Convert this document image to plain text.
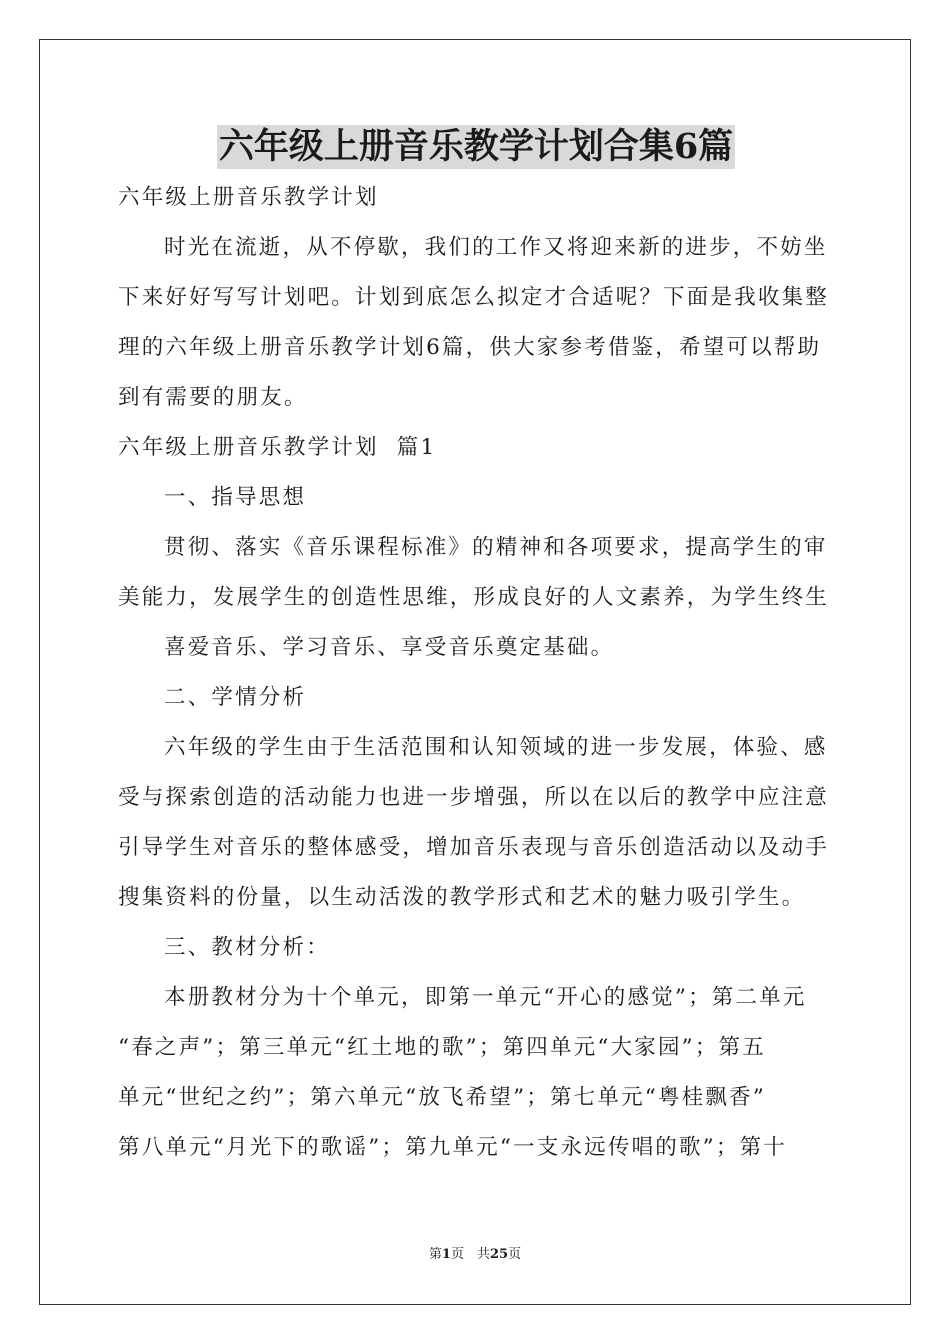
六年级上册音乐教学计划合集6篇

六年级上册音乐教学计划

时光在流逝，从不停歇，我们的工作又将迎来新的进步，不妨坐

下来好好写写计划吧。计划到底怎么拟定才合适呢？下面是我收集整

理的六年级上册音乐教学计划6篇，供大家参考借鉴，希望可以帮助

到有需要的朋友。

六年级上册音乐教学计划  篇1

一、指导思想

贯彻、落实《音乐课程标准》的精神和各项要求，提高学生的审

美能力，发展学生的创造性思维，形成良好的人文素养，为学生终生

喜爱音乐、学习音乐、享受音乐奠定基础。

二、学情分析

六年级的学生由于生活范围和认知领域的进一步发展，体验、感

受与探索创造的活动能力也进一步增强，所以在以后的教学中应注意

引导学生对音乐的整体感受，增加音乐表现与音乐创造活动以及动手

搜集资料的份量，以生动活泼的教学形式和艺术的魅力吸引学生。

三、教材分析：

本册教材分为十个单元，即第一单元“开心的感觉”；第二单元

“春之声”；第三单元“红土地的歌”；第四单元“大家园”；第五

单元“世纪之约”；第六单元“放飞希望”；第七单元“粤桂飘香”

第八单元“月光下的歌谣”；第九单元“一支永远传唱的歌”；第十

第1页　共25页
